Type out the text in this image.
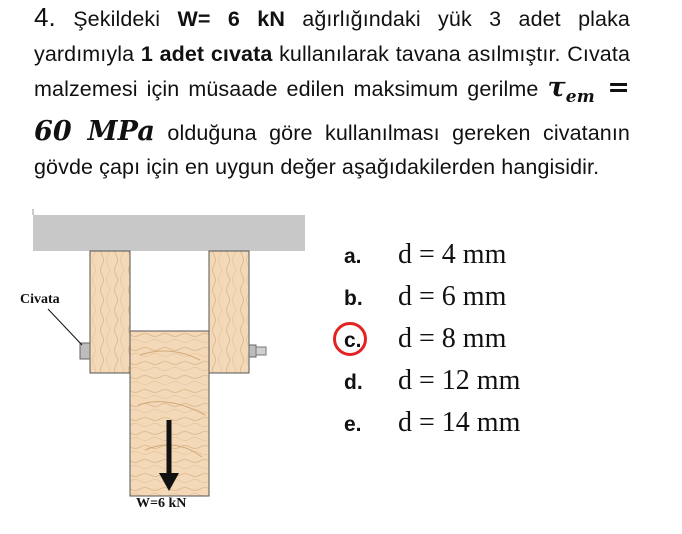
4. Şekildeki W= 6 kN ağırlığındaki yük 3 adet plaka yardımıyla 1 adet cıvata kullanılarak tavana asılmıştır. Cıvata malzemesi için müsaade edilen maksimum gerilme $\tau_{em} = 60$ MPa olduğuna göre kullanılması gereken civatanın gövde çapı için en uygun değer aşağıdakilerden hangisidir.
Civata
W=6 kN
a. d = 4 mm
b. d = 6 mm
c. d = 8 mm
d. d = 12 mm
e. d = 14 mm
